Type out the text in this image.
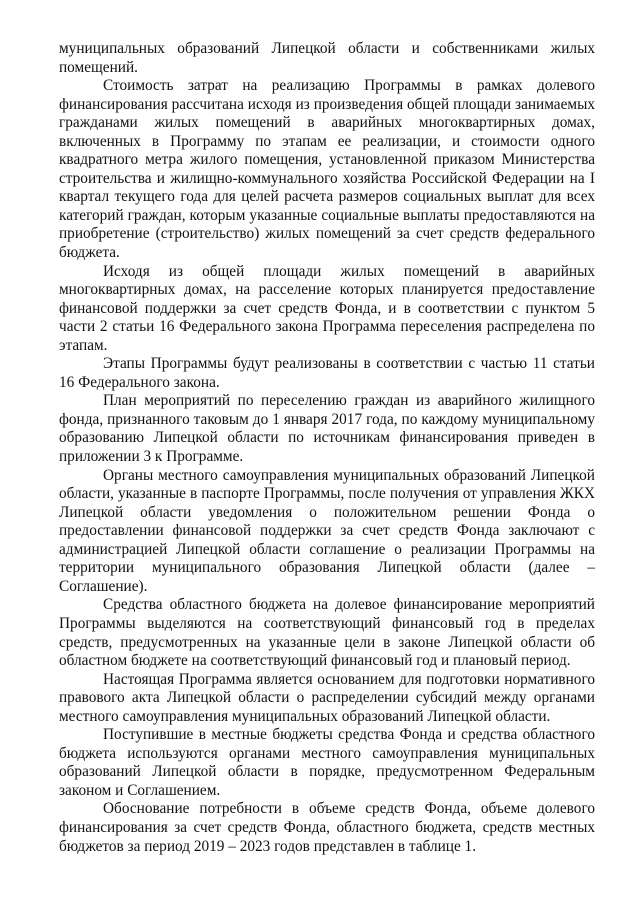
муниципальных образований Липецкой области и собственниками жилых помещений.

Стоимость затрат на реализацию Программы в рамках долевого финансирования рассчитана исходя из произведения общей площади занимаемых гражданами жилых помещений в аварийных многоквартирных домах, включенных в Программу по этапам ее реализации, и стоимости одного квадратного метра жилого помещения, установленной приказом Министерства строительства и жилищно-коммунального хозяйства Российской Федерации на I квартал текущего года для целей расчета размеров социальных выплат для всех категорий граждан, которым указанные социальные выплаты предоставляются на приобретение (строительство) жилых помещений за счет средств федерального бюджета.

Исходя из общей площади жилых помещений в аварийных многоквартирных домах, на расселение которых планируется предоставление финансовой поддержки за счет средств Фонда, и в соответствии с пунктом 5 части 2 статьи 16 Федерального закона Программа переселения распределена по этапам.

Этапы Программы будут реализованы в соответствии с частью 11 статьи 16 Федерального закона.

План мероприятий по переселению граждан из аварийного жилищного фонда, признанного таковым до 1 января 2017 года, по каждому муниципальному образованию Липецкой области по источникам финансирования приведен в приложении 3 к Программе.

Органы местного самоуправления муниципальных образований Липецкой области, указанные в паспорте Программы, после получения от управления ЖКХ Липецкой области уведомления о положительном решении Фонда о предоставлении финансовой поддержки за счет средств Фонда заключают с администрацией Липецкой области соглашение о реализации Программы на территории муниципального образования Липецкой области (далее – Соглашение).

Средства областного бюджета на долевое финансирование мероприятий Программы выделяются на соответствующий финансовый год в пределах средств, предусмотренных на указанные цели в законе Липецкой области об областном бюджете на соответствующий финансовый год и плановый период.

Настоящая Программа является основанием для подготовки нормативного правового акта Липецкой области о распределении субсидий между органами местного самоуправления муниципальных образований Липецкой области.

Поступившие в местные бюджеты средства Фонда и средства областного бюджета используются органами местного самоуправления муниципальных образований Липецкой области в порядке, предусмотренном Федеральным законом и Соглашением.

Обоснование потребности в объеме средств Фонда, объеме долевого финансирования за счет средств Фонда, областного бюджета, средств местных бюджетов за период 2019 – 2023 годов представлен в таблице 1.
